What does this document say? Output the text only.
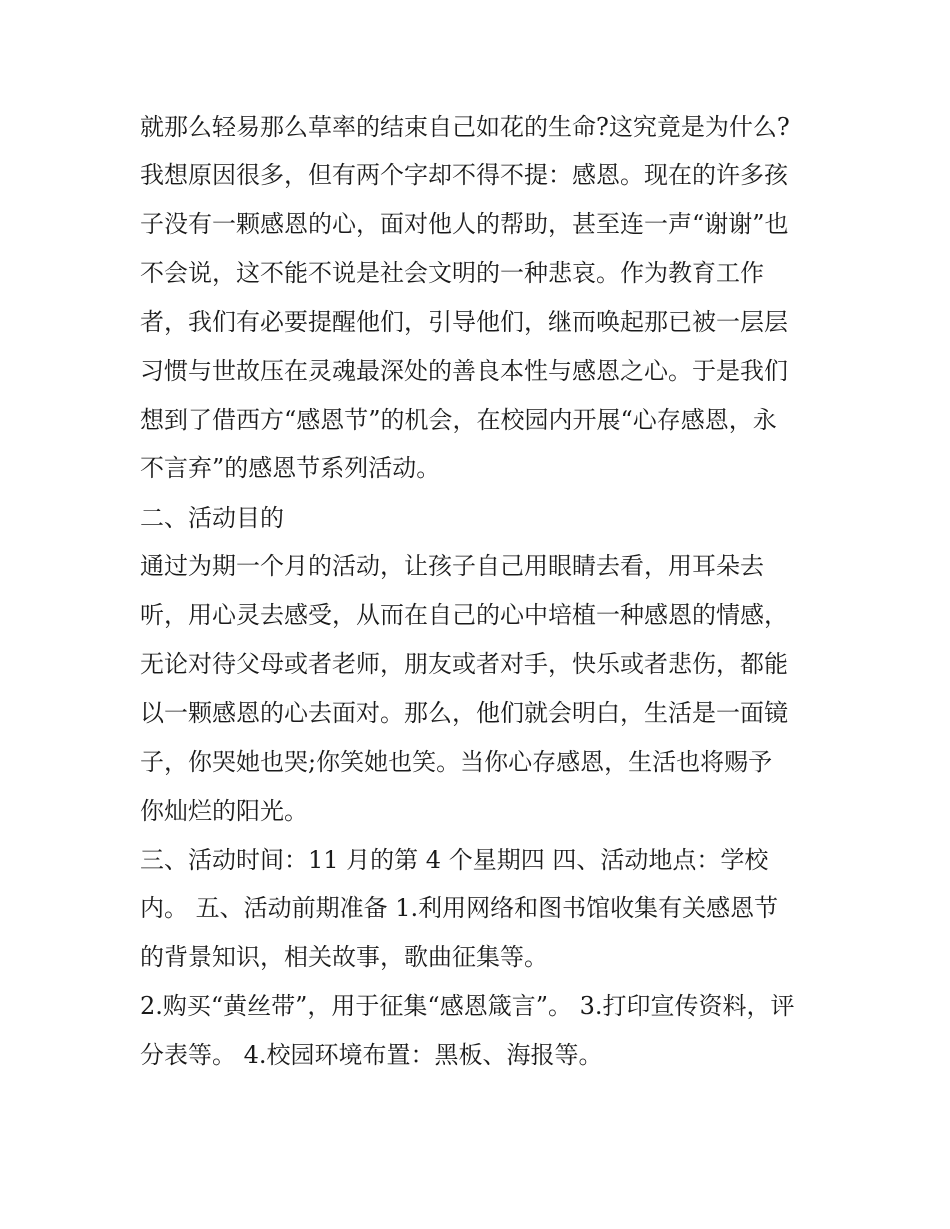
就那么轻易那么草率的结束自己如花的生命?这究竟是为什么?
我想原因很多，但有两个字却不得不提：感恩。现在的许多孩
子没有一颗感恩的心，面对他人的帮助，甚至连一声“谢谢”也
不会说，这不能不说是社会文明的一种悲哀。作为教育工作
者，我们有必要提醒他们，引导他们，继而唤起那已被一层层
习惯与世故压在灵魂最深处的善良本性与感恩之心。于是我们
想到了借西方“感恩节”的机会，在校园内开展“心存感恩，永
不言弃”的感恩节系列活动。
二、活动目的
通过为期一个月的活动，让孩子自己用眼睛去看，用耳朵去
听，用心灵去感受，从而在自己的心中培植一种感恩的情感，
无论对待父母或者老师，朋友或者对手，快乐或者悲伤，都能
以一颗感恩的心去面对。那么，他们就会明白，生活是一面镜
子，你哭她也哭;你笑她也笑。当你心存感恩，生活也将赐予
你灿烂的阳光。
三、活动时间：11 月的第 4 个星期四 四、活动地点：学校
内。 五、活动前期准备 1.利用网络和图书馆收集有关感恩节
的背景知识，相关故事，歌曲征集等。
2.购买“黄丝带”，用于征集“感恩箴言”。 3.打印宣传资料，评
分表等。 4.校园环境布置：黑板、海报等。
